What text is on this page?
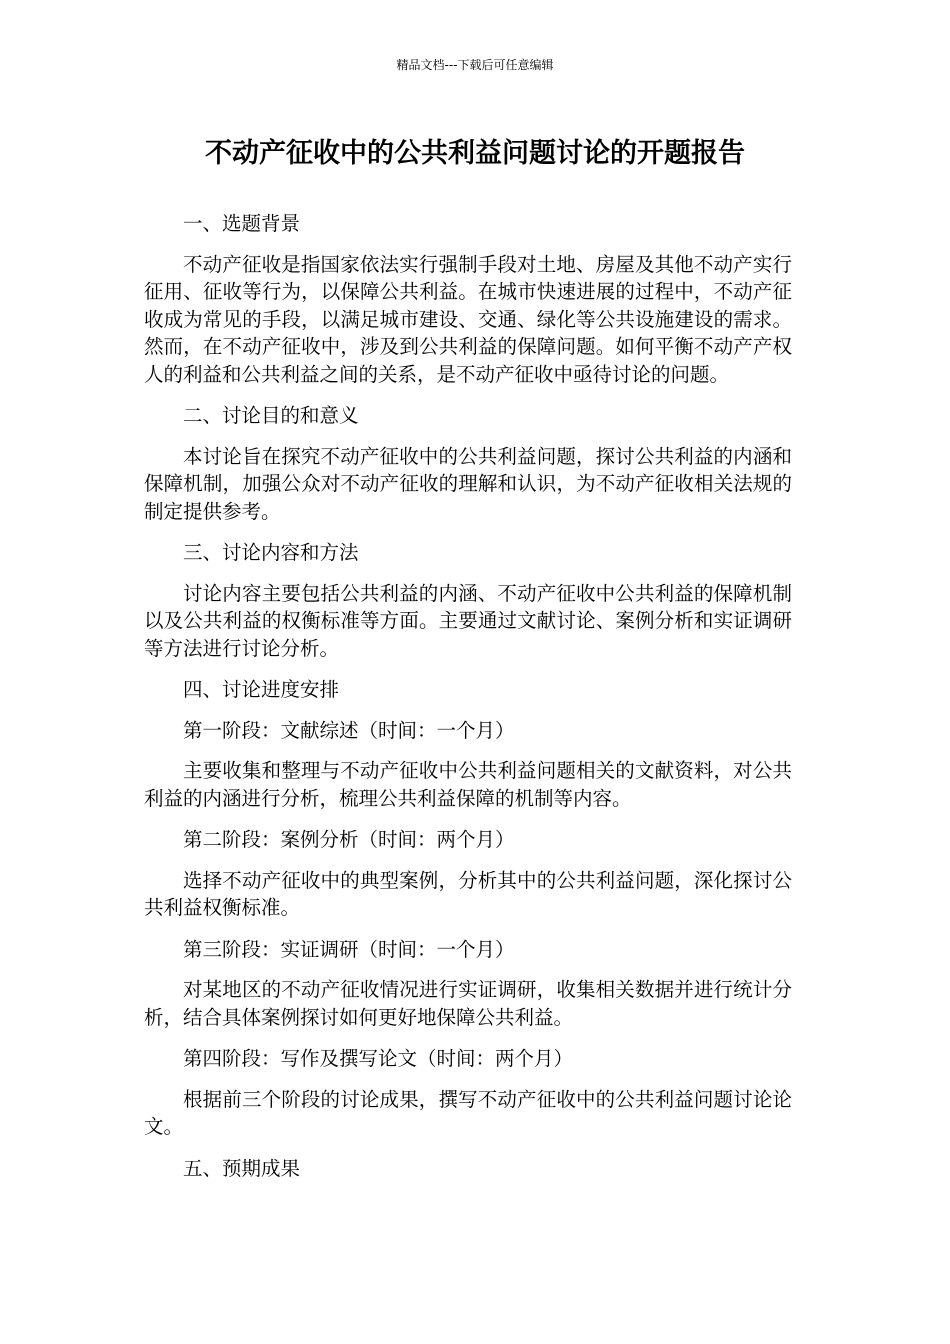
精品文档---下载后可任意编辑
不动产征收中的公共利益问题讨论的开题报告

一、选题背景

不动产征收是指国家依法实行强制手段对土地、房屋及其他不动产实行征用、征收等行为，以保障公共利益。在城市快速进展的过程中，不动产征收成为常见的手段，以满足城市建设、交通、绿化等公共设施建设的需求。然而，在不动产征收中，涉及到公共利益的保障问题。如何平衡不动产产权人的利益和公共利益之间的关系，是不动产征收中亟待讨论的问题。

二、讨论目的和意义

本讨论旨在探究不动产征收中的公共利益问题，探讨公共利益的内涵和保障机制，加强公众对不动产征收的理解和认识，为不动产征收相关法规的制定提供参考。

三、讨论内容和方法

讨论内容主要包括公共利益的内涵、不动产征收中公共利益的保障机制以及公共利益的权衡标准等方面。主要通过文献讨论、案例分析和实证调研等方法进行讨论分析。

四、讨论进度安排

第一阶段：文献综述（时间：一个月）

主要收集和整理与不动产征收中公共利益问题相关的文献资料，对公共利益的内涵进行分析，梳理公共利益保障的机制等内容。

第二阶段：案例分析（时间：两个月）

选择不动产征收中的典型案例，分析其中的公共利益问题，深化探讨公共利益权衡标准。

第三阶段：实证调研（时间：一个月）

对某地区的不动产征收情况进行实证调研，收集相关数据并进行统计分析，结合具体案例探讨如何更好地保障公共利益。

第四阶段：写作及撰写论文（时间：两个月）

根据前三个阶段的讨论成果，撰写不动产征收中的公共利益问题讨论论文。

五、预期成果
